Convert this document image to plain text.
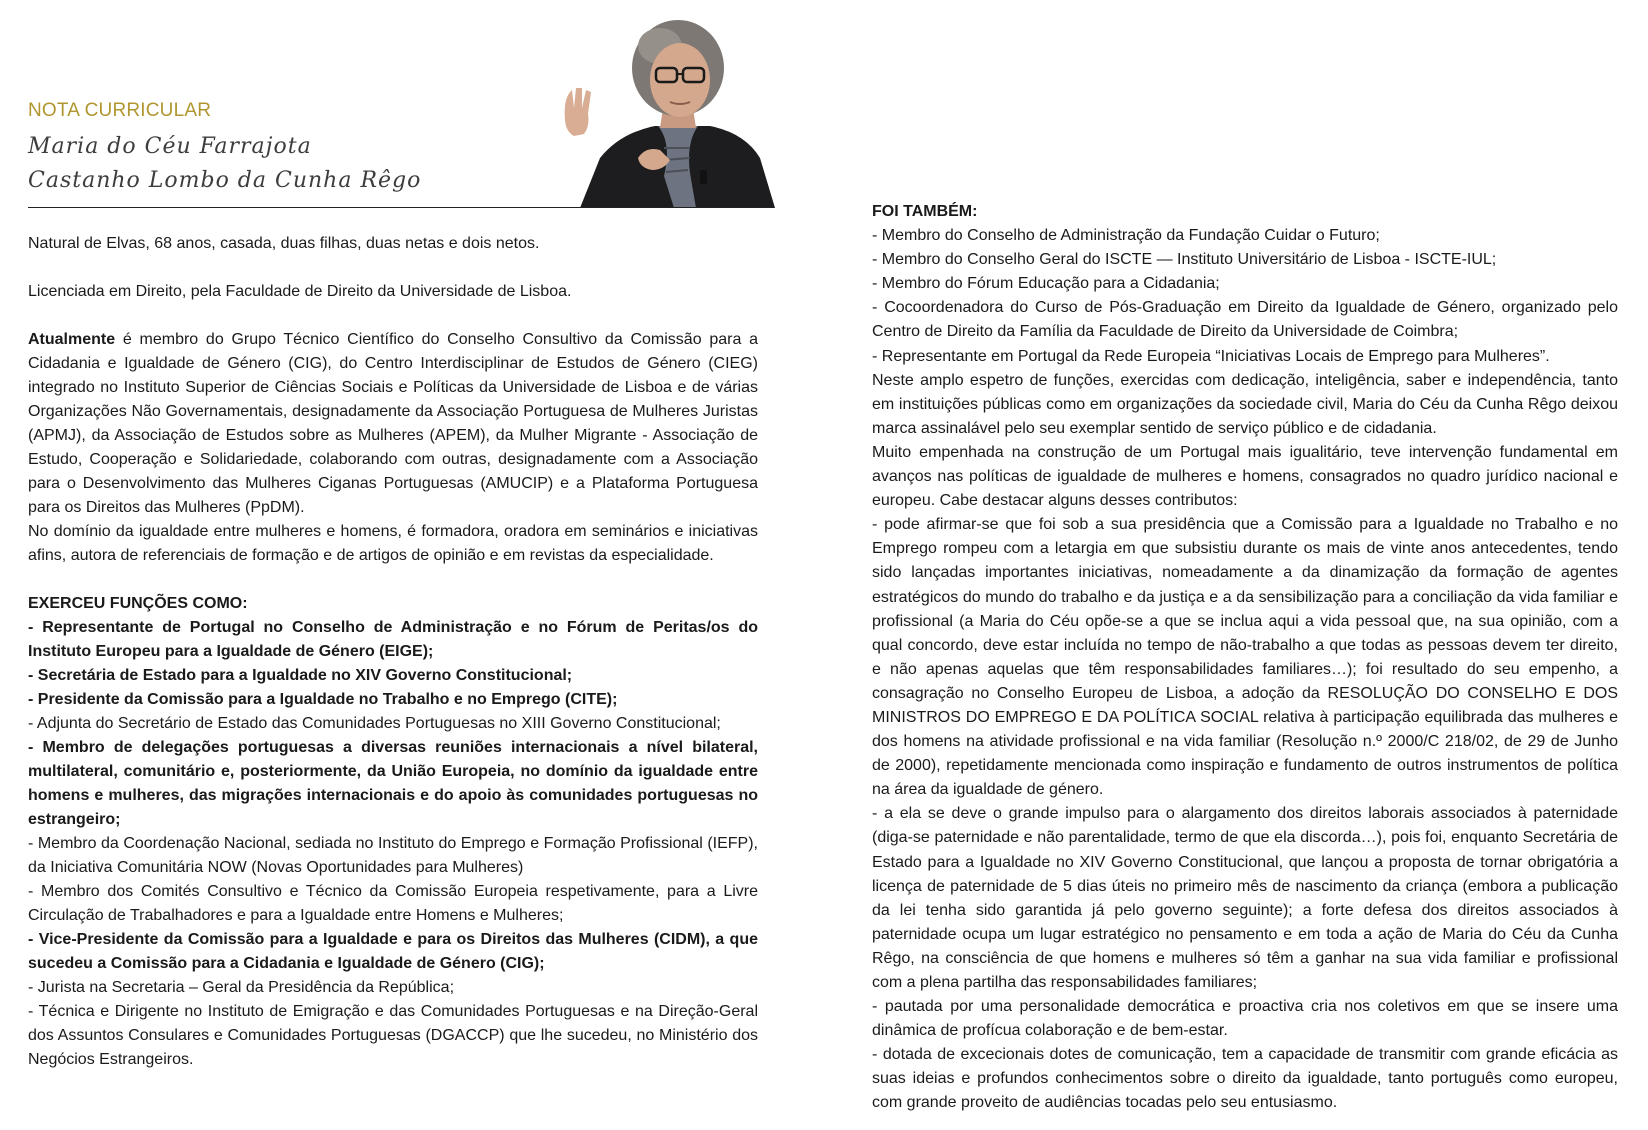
NOTA CURRICULAR
Maria do Céu Farrajota
Castanho Lombo da Cunha Rêgo

Natural de Elvas, 68 anos, casada, duas filhas, duas netas e dois netos.

Licenciada em Direito, pela Faculdade de Direito da Universidade de Lisboa.

Atualmente é membro do Grupo Técnico Científico do Conselho Consultivo da Comissão para a Cidadania e Igualdade de Género (CIG), do Centro Interdisciplinar de Estudos de Género (CIEG) integrado no Instituto Superior de Ciências Sociais e Políticas da Universidade de Lisboa e de várias Organizações Não Governamentais, designadamente da Associação Portuguesa de Mulheres Juristas (APMJ), da Associação de Estudos sobre as Mulheres (APEM), da Mulher Migrante - Associação de Estudo, Cooperação e Solidariedade, colaborando com outras, designadamente com a Associação para o Desenvolvimento das Mulheres Ciganas Portuguesas (AMUCIP) e a Plataforma Portuguesa para os Direitos das Mulheres (PpDM).

No domínio da igualdade entre mulheres e homens, é formadora, oradora em seminários e iniciativas afins, autora de referenciais de formação e de artigos de opinião e em revistas da especialidade.

EXERCEU FUNÇÕES COMO:

- Representante de Portugal no Conselho de Administração e no Fórum de Peritas/os do Instituto Europeu para a Igualdade de Género (EIGE);

- Secretária de Estado para a Igualdade no XIV Governo Constitucional;

- Presidente da Comissão para a Igualdade no Trabalho e no Emprego (CITE);

- Adjunta do Secretário de Estado das Comunidades Portuguesas no XIII Governo Constitucional;

- Membro de delegações portuguesas a diversas reuniões internacionais a nível bilateral, multilateral, comunitário e, posteriormente, da União Europeia, no domínio da igualdade entre homens e mulheres, das migrações internacionais e do apoio às comunidades portuguesas no estrangeiro;

- Membro da Coordenação Nacional, sediada no Instituto do Emprego e Formação Profissional (IEFP), da Iniciativa Comunitária NOW (Novas Oportunidades para Mulheres)

- Membro dos Comités Consultivo e Técnico da Comissão Europeia respetivamente, para a Livre Circulação de Trabalhadores e para a Igualdade entre Homens e Mulheres;

- Vice-Presidente da Comissão para a Igualdade e para os Direitos das Mulheres (CIDM), a que sucedeu a Comissão para a Cidadania e Igualdade de Género (CIG);

- Jurista na Secretaria – Geral da Presidência da República;

- Técnica e Dirigente no Instituto de Emigração e das Comunidades Portuguesas e na Direção-Geral dos Assuntos Consulares e Comunidades Portuguesas (DGACCP) que lhe sucedeu, no Ministério dos Negócios Estrangeiros.

FOI TAMBÉM:

- Membro do Conselho de Administração da Fundação Cuidar o Futuro;

- Membro do Conselho Geral do ISCTE — Instituto Universitário de Lisboa - ISCTE-IUL;

- Membro do Fórum Educação para a Cidadania;

- Cocoordenadora do Curso de Pós-Graduação em Direito da Igualdade de Género, organizado pelo Centro de Direito da Família da Faculdade de Direito da Universidade de Coimbra;

- Representante em Portugal da Rede Europeia “Iniciativas Locais de Emprego para Mulheres”.

Neste amplo espetro de funções, exercidas com dedicação, inteligência, saber e independência, tanto em instituições públicas como em organizações da sociedade civil, Maria do Céu da Cunha Rêgo deixou marca assinalável pelo seu exemplar sentido de serviço público e de cidadania.

Muito empenhada na construção de um Portugal mais igualitário, teve intervenção fundamental em avanços nas políticas de igualdade de mulheres e homens, consagrados no quadro jurídico nacional e europeu. Cabe destacar alguns desses contributos:

- pode afirmar-se que foi sob a sua presidência que a Comissão para a Igualdade no Trabalho e no Emprego rompeu com a letargia em que subsistiu durante os mais de vinte anos antecedentes, tendo sido lançadas importantes iniciativas, nomeadamente a da dinamização da formação de agentes estratégicos do mundo do trabalho e da justiça e a da sensibilização para a conciliação da vida familiar e profissional (a Maria do Céu opõe-se a que se inclua aqui a vida pessoal que, na sua opinião, com a qual concordo, deve estar incluída no tempo de não-trabalho a que todas as pessoas devem ter direito, e não apenas aquelas que têm responsabilidades familiares…); foi resultado do seu empenho, a consagração no Conselho Europeu de Lisboa, a adoção da RESOLUÇÃO DO CONSELHO E DOS MINISTROS DO EMPREGO E DA POLÍTICA SOCIAL relativa à participação equilibrada das mulheres e dos homens na atividade profissional e na vida familiar (Resolução n.º 2000/C 218/02, de 29 de Junho de 2000), repetidamente mencionada como inspiração e fundamento de outros instrumentos de política na área da igualdade de género.

- a ela se deve o grande impulso para o alargamento dos direitos laborais associados à paternidade (diga-se paternidade e não parentalidade, termo de que ela discorda…), pois foi, enquanto Secretária de Estado para a Igualdade no XIV Governo Constitucional, que lançou a proposta de tornar obrigatória a licença de paternidade de 5 dias úteis no primeiro mês de nascimento da criança (embora a publicação da lei tenha sido garantida já pelo governo seguinte); a forte defesa dos direitos associados à paternidade ocupa um lugar estratégico no pensamento e em toda a ação de Maria do Céu da Cunha Rêgo, na consciência de que homens e mulheres só têm a ganhar na sua vida familiar e profissional com a plena partilha das responsabilidades familiares;

- pautada por uma personalidade democrática e proactiva cria nos coletivos em que se insere uma dinâmica de profícua colaboração e de bem-estar.

- dotada de excecionais dotes de comunicação, tem a capacidade de transmitir com grande eficácia as suas ideias e profundos conhecimentos sobre o direito da igualdade, tanto português como europeu, com grande proveito de audiências tocadas pelo seu entusiasmo.
